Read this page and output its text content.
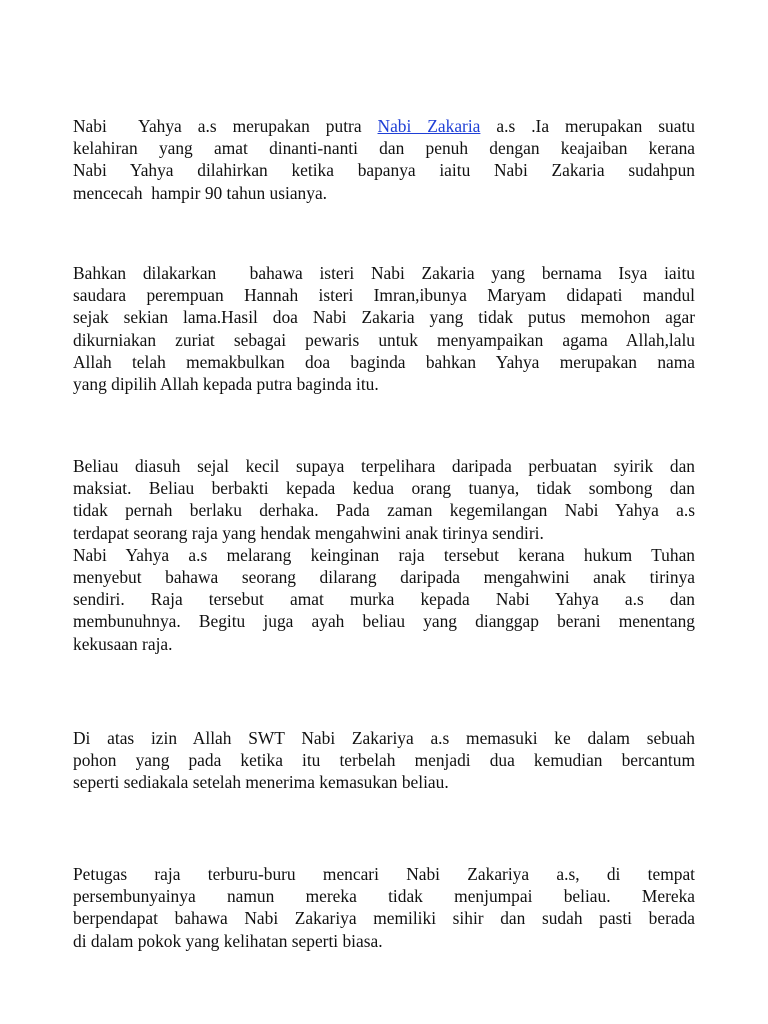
Nabi  Yahya a.s merupakan putra Nabi Zakaria a.s .Ia merupakan suatu
kelahiran yang amat dinanti-nanti dan penuh dengan keajaiban kerana
Nabi Yahya dilahirkan ketika bapanya iaitu Nabi Zakaria sudahpun
mencecah  hampir 90 tahun usianya.

Bahkan dilakarkan  bahawa isteri Nabi Zakaria yang bernama Isya iaitu
saudara perempuan Hannah isteri Imran,ibunya Maryam didapati mandul
sejak sekian lama.Hasil doa Nabi Zakaria yang tidak putus memohon agar
dikurniakan zuriat sebagai pewaris untuk menyampaikan agama Allah,lalu
Allah telah memakbulkan doa baginda bahkan Yahya merupakan nama
yang dipilih Allah kepada putra baginda itu.

Beliau diasuh sejal kecil supaya terpelihara daripada perbuatan syirik dan
maksiat. Beliau berbakti kepada kedua orang tuanya, tidak sombong dan
tidak pernah berlaku derhaka. Pada zaman kegemilangan Nabi Yahya a.s
terdapat seorang raja yang hendak mengahwini anak tirinya sendiri.
Nabi Yahya a.s melarang keinginan raja tersebut kerana hukum Tuhan
menyebut bahawa seorang dilarang daripada mengahwini anak tirinya
sendiri. Raja tersebut amat murka kepada Nabi Yahya a.s dan
membunuhnya. Begitu juga ayah beliau yang dianggap berani menentang
kekusaan raja.

Di atas izin Allah SWT Nabi Zakariya a.s memasuki ke dalam sebuah
pohon yang pada ketika itu terbelah menjadi dua kemudian bercantum
seperti sediakala setelah menerima kemasukan beliau.

Petugas raja terburu-buru mencari Nabi Zakariya a.s, di tempat
persembunyainya namun mereka tidak menjumpai beliau. Mereka
berpendapat bahawa Nabi Zakariya memiliki sihir dan sudah pasti berada
di dalam pokok yang kelihatan seperti biasa.
